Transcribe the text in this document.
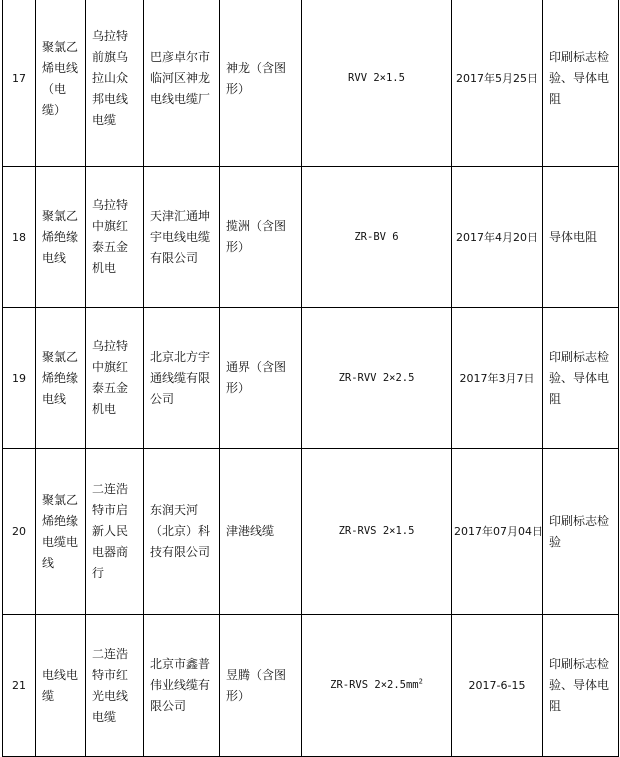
17	聚氯乙烯电线（电缆）	乌拉特前旗乌拉山众邦电线电缆	巴彦卓尔市临河区神龙电线电缆厂	神龙（含图形）	RVV 2×1.5	2017年5月25日	印刷标志检验、导体电阻
18	聚氯乙烯绝缘电线	乌拉特中旗红泰五金机电	天津汇通坤宇电线电缆有限公司	揽洲（含图形）	ZR-BV 6	2017年4月20日	导体电阻
19	聚氯乙烯绝缘电线	乌拉特中旗红泰五金机电	北京北方宇通线缆有限公司	通界（含图形）	ZR-RVV 2×2.5	2017年3月7日	印刷标志检验、导体电阻
20	聚氯乙烯绝缘电缆电线	二连浩特市启新人民电器商行	东润天河（北京）科技有限公司	津港线缆	ZR-RVS 2×1.5	2017年07月04日	印刷标志检验
21	电线电缆	二连浩特市红光电线电缆	北京市鑫普伟业线缆有限公司	昱腾（含图形）	ZR-RVS $2\times 2.5mm^2$	2017-6-15	印刷标志检验、导体电阻
